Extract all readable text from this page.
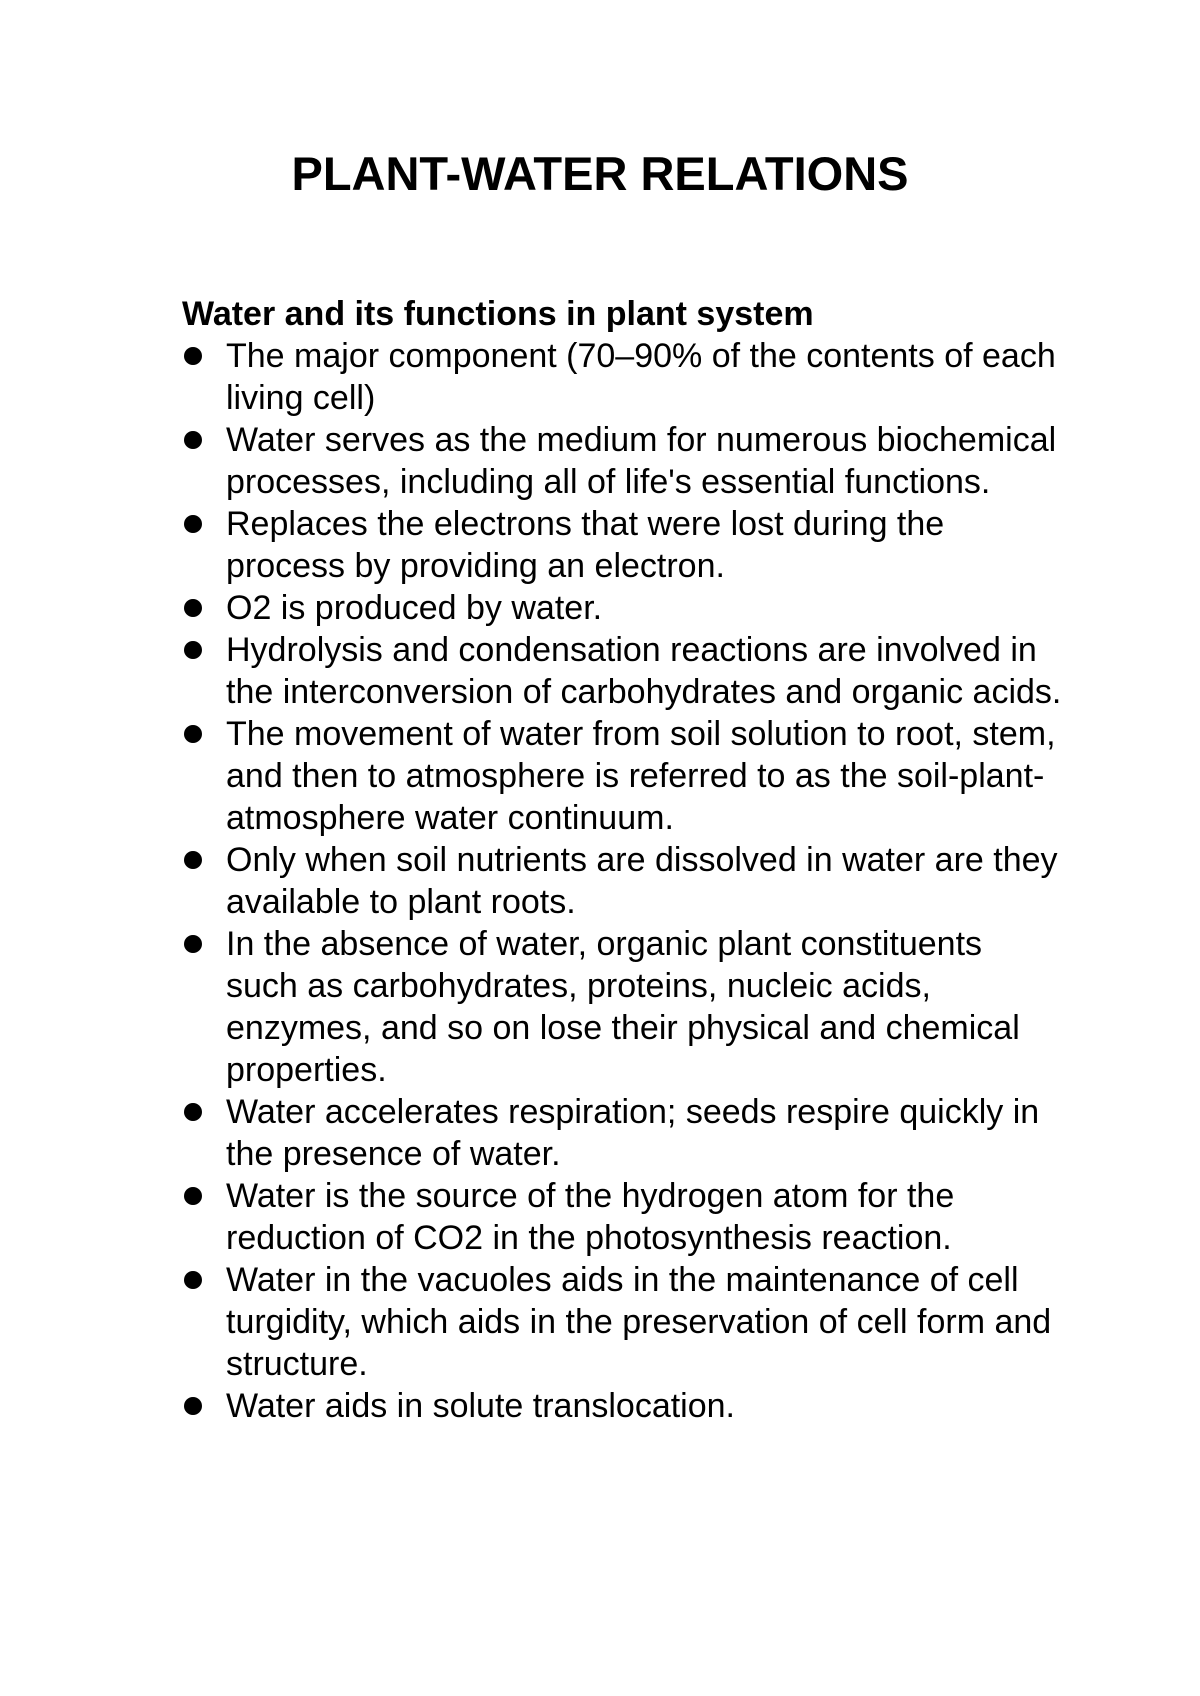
PLANT-WATER RELATIONS
Water and its functions in plant system
The major component (70–90% of the contents of each living cell)
Water serves as the medium for numerous biochemical processes, including all of life's essential functions.
Replaces the electrons that were lost during the process by providing an electron.
O2 is produced by water.
Hydrolysis and condensation reactions are involved in the interconversion of carbohydrates and organic acids.
The movement of water from soil solution to root, stem, and then to atmosphere is referred to as the soil-plant-atmosphere water continuum.
Only when soil nutrients are dissolved in water are they available to plant roots.
In the absence of water, organic plant constituents such as carbohydrates, proteins, nucleic acids, enzymes, and so on lose their physical and chemical properties.
Water accelerates respiration; seeds respire quickly in the presence of water.
Water is the source of the hydrogen atom for the reduction of CO2 in the photosynthesis reaction.
Water in the vacuoles aids in the maintenance of cell turgidity, which aids in the preservation of cell form and structure.
Water aids in solute translocation.
